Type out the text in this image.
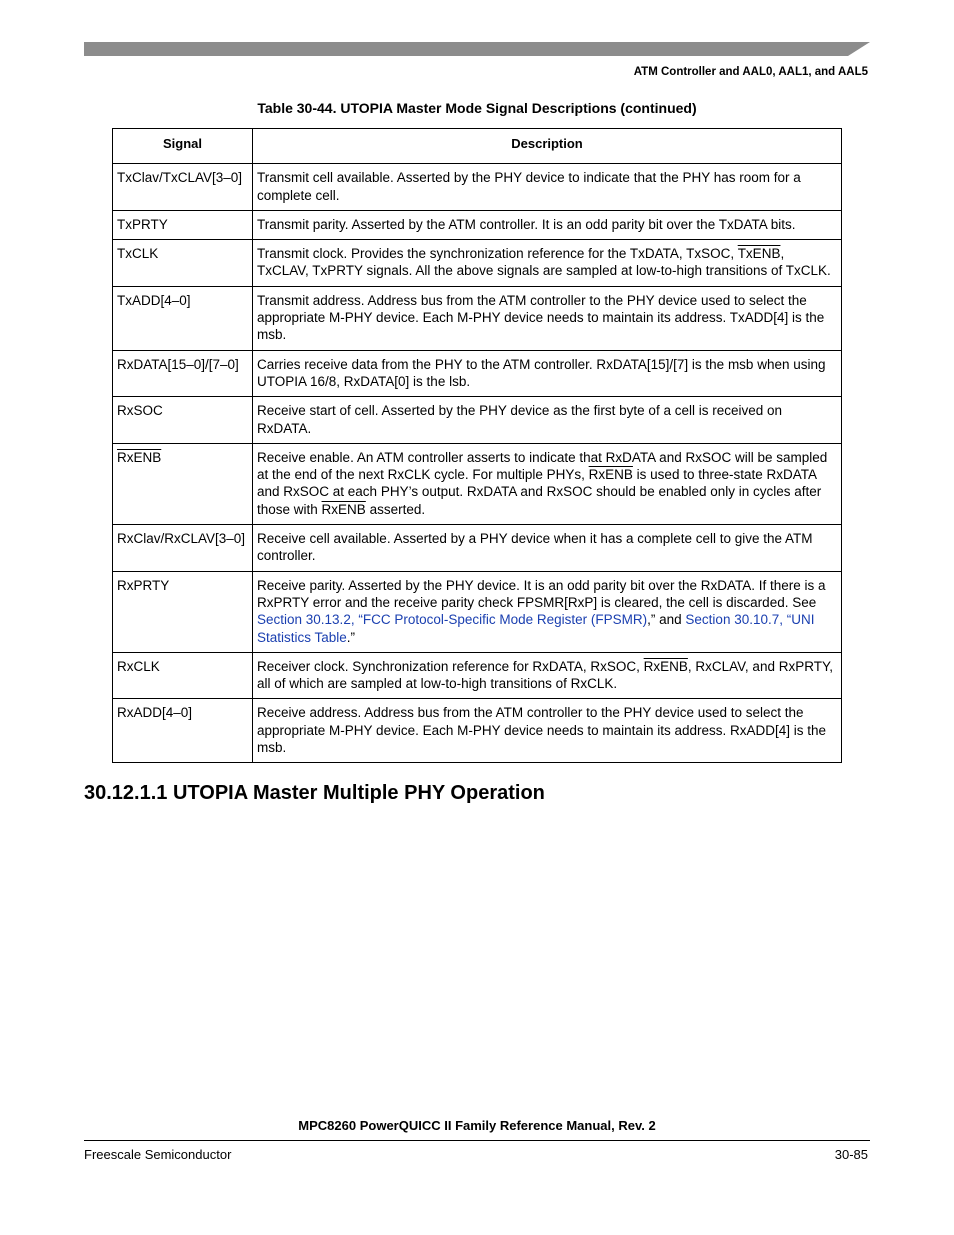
ATM Controller and AAL0, AAL1, and AAL5
Table 30-44. UTOPIA Master Mode Signal Descriptions (continued)
Signal	Description
TxClav/TxCLAV[3–0]	Transmit cell available. Asserted by the PHY device to indicate that the PHY has room for a complete cell.
TxPRTY	Transmit parity. Asserted by the ATM controller. It is an odd parity bit over the TxDATA bits.
TxCLK	Transmit clock. Provides the synchronization reference for the TxDATA, TxSOC, TxENB, TxCLAV, TxPRTY signals. All the above signals are sampled at low-to-high transitions of TxCLK.
TxADD[4–0]	Transmit address. Address bus from the ATM controller to the PHY device used to select the appropriate M-PHY device. Each M-PHY device needs to maintain its address. TxADD[4] is the msb.
RxDATA[15–0]/[7–0]	Carries receive data from the PHY to the ATM controller. RxDATA[15]/[7] is the msb when using UTOPIA 16/8, RxDATA[0] is the lsb.
RxSOC	Receive start of cell. Asserted by the PHY device as the first byte of a cell is received on RxDATA.
RxENB	Receive enable. An ATM controller asserts to indicate that RxDATA and RxSOC will be sampled at the end of the next RxCLK cycle. For multiple PHYs, RxENB is used to three-state RxDATA and RxSOC at each PHY’s output. RxDATA and RxSOC should be enabled only in cycles after those with RxENB asserted.
RxClav/RxCLAV[3–0]	Receive cell available. Asserted by a PHY device when it has a complete cell to give the ATM controller.
RxPRTY	Receive parity. Asserted by the PHY device. It is an odd parity bit over the RxDATA. If there is a RxPRTY error and the receive parity check FPSMR[RxP] is cleared, the cell is discarded. See Section 30.13.2, “FCC Protocol-Specific Mode Register (FPSMR),” and Section 30.10.7, “UNI Statistics Table.”
RxCLK	Receiver clock. Synchronization reference for RxDATA, RxSOC, RxENB, RxCLAV, and RxPRTY, all of which are sampled at low-to-high transitions of RxCLK.
RxADD[4–0]	Receive address. Address bus from the ATM controller to the PHY device used to select the appropriate M-PHY device. Each M-PHY device needs to maintain its address. RxADD[4] is the msb.
30.12.1.1 UTOPIA Master Multiple PHY Operation
MPC8260 PowerQUICC II Family Reference Manual, Rev. 2
Freescale Semiconductor	30-85
